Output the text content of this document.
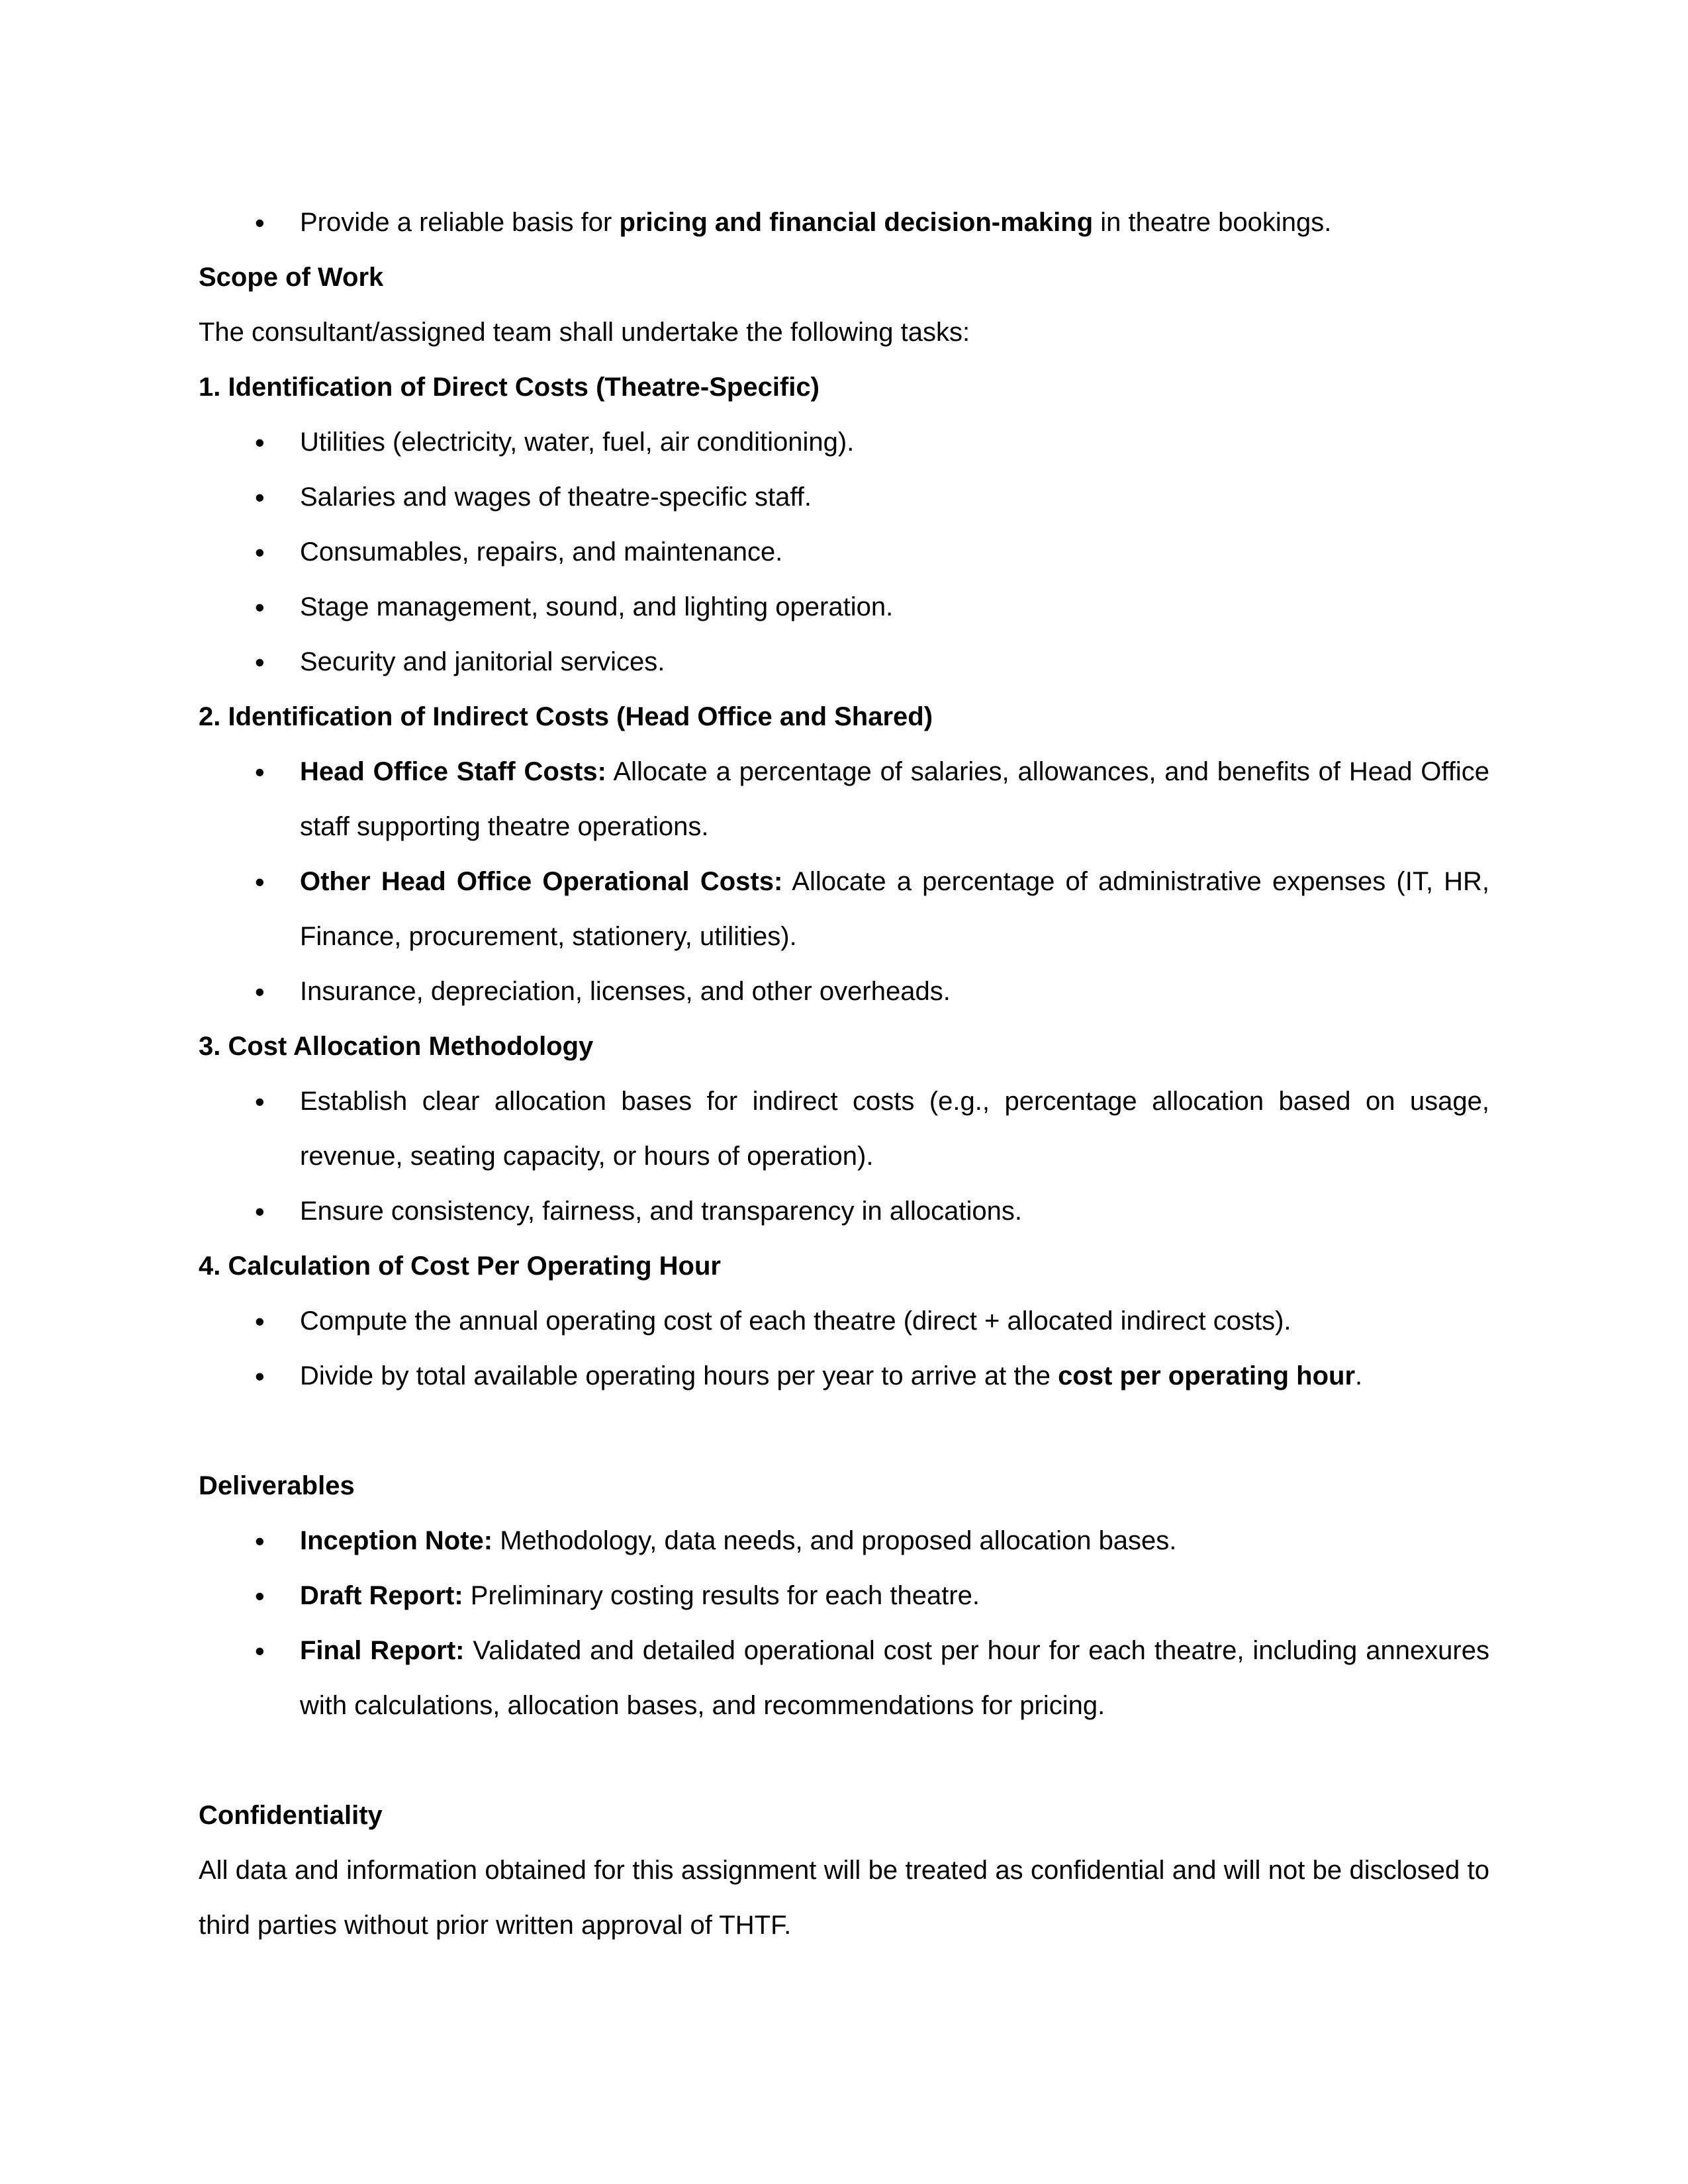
• Provide a reliable basis for pricing and financial decision-making in theatre bookings.

Scope of Work

The consultant/assigned team shall undertake the following tasks:

1. Identification of Direct Costs (Theatre-Specific)

• Utilities (electricity, water, fuel, air conditioning).

• Salaries and wages of theatre-specific staff.

• Consumables, repairs, and maintenance.

• Stage management, sound, and lighting operation.

• Security and janitorial services.

2. Identification of Indirect Costs (Head Office and Shared)

• Head Office Staff Costs: Allocate a percentage of salaries, allowances, and benefits of Head Office staff supporting theatre operations.

• Other Head Office Operational Costs: Allocate a percentage of administrative expenses (IT, HR, Finance, procurement, stationery, utilities).

• Insurance, depreciation, licenses, and other overheads.

3. Cost Allocation Methodology

• Establish clear allocation bases for indirect costs (e.g., percentage allocation based on usage, revenue, seating capacity, or hours of operation).

• Ensure consistency, fairness, and transparency in allocations.

4. Calculation of Cost Per Operating Hour

• Compute the annual operating cost of each theatre (direct + allocated indirect costs).

• Divide by total available operating hours per year to arrive at the cost per operating hour.

Deliverables

• Inception Note: Methodology, data needs, and proposed allocation bases.

• Draft Report: Preliminary costing results for each theatre.

• Final Report: Validated and detailed operational cost per hour for each theatre, including annexures with calculations, allocation bases, and recommendations for pricing.

Confidentiality

All data and information obtained for this assignment will be treated as confidential and will not be disclosed to third parties without prior written approval of THTF.
